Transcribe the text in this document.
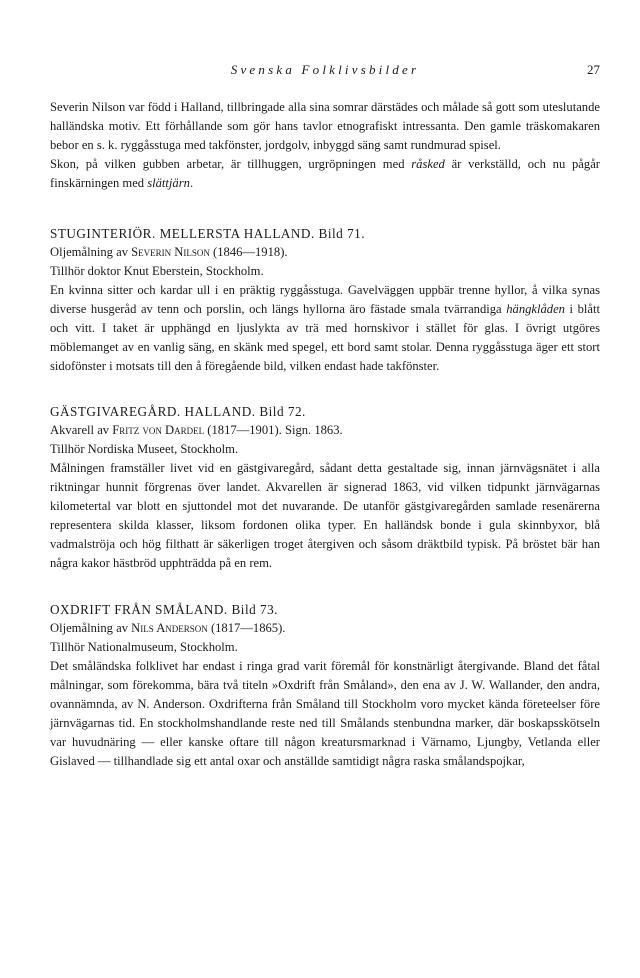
Svenska Folklivsbilder	27

Severin Nilson var född i Halland, tillbringade alla sina somrar därstädes och målade så gott som uteslutande halländska motiv. Ett förhållande som gör hans tavlor etnografiskt intressanta. Den gamle träskomakaren bebor en s. k. ryggåsstuga med takfönster, jordgolv, inbyggd säng samt rundmurad spisel.

Skon, på vilken gubben arbetar, är tillhuggen, urgröpningen med råsked är verkställd, och nu pågår finskärningen med slättjärn.

STUGINTERIÖR. MELLERSTA HALLAND. Bild 71.

Oljemålning av Severin Nilson (1846—1918).

Tillhör doktor Knut Eberstein, Stockholm.

En kvinna sitter och kardar ull i en präktig ryggåsstuga. Gavelväggen uppbär trenne hyllor, å vilka synas diverse husgeråd av tenn och porslin, och längs hyllorna äro fästade smala tvärrandiga hängklåden i blått och vitt. I taket är upphängd en ljuslykta av trä med hornskivor i stället för glas. I övrigt utgöres möblemanget av en vanlig säng, en skänk med spegel, ett bord samt stolar. Denna ryggåsstuga äger ett stort sidofönster i motsats till den å föregående bild, vilken endast hade takfönster.

GÄSTGIVAREGÅRD. HALLAND. Bild 72.

Akvarell av Fritz von Dardel (1817—1901). Sign. 1863.

Tillhör Nordiska Museet, Stockholm.

Målningen framställer livet vid en gästgivaregård, sådant detta gestaltade sig, innan järnvägsnätet i alla riktningar hunnit förgrenas över landet. Akvarellen är signerad 1863, vid vilken tidpunkt järnvägarnas kilometertal var blott en sjuttondel mot det nuvarande. De utanför gästgivaregården samlade resenärerna representera skilda klasser, liksom fordonen olika typer. En halländsk bonde i gula skinnbyxor, blå vadmalströja och hög filthatt är säkerligen troget återgiven och såsom dräktbild typisk. På bröstet bär han några kakor hästbröd upphträdda på en rem.

OXDRIFT FRÅN SMÅLAND. Bild 73.

Oljemålning av Nils Anderson (1817—1865).

Tillhör Nationalmuseum, Stockholm.

Det småländska folklivet har endast i ringa grad varit föremål för konstnärligt återgivande. Bland det fåtal målningar, som förekomma, bära två titeln »Oxdrift från Småland», den ena av J. W. Wallander, den andra, ovannämnda, av N. Anderson. Oxdrifterna från Småland till Stockholm voro mycket kända företeelser före järnvägarnas tid. En stockholmshandlande reste ned till Smålands stenbundna marker, där boskapsskötseln var huvudnäring — eller kanske oftare till någon kreatursmarknad i Värnamo, Ljungby, Vetlanda eller Gislaved — tillhandlade sig ett antal oxar och anställde samtidigt några raska smålandspojkar,
